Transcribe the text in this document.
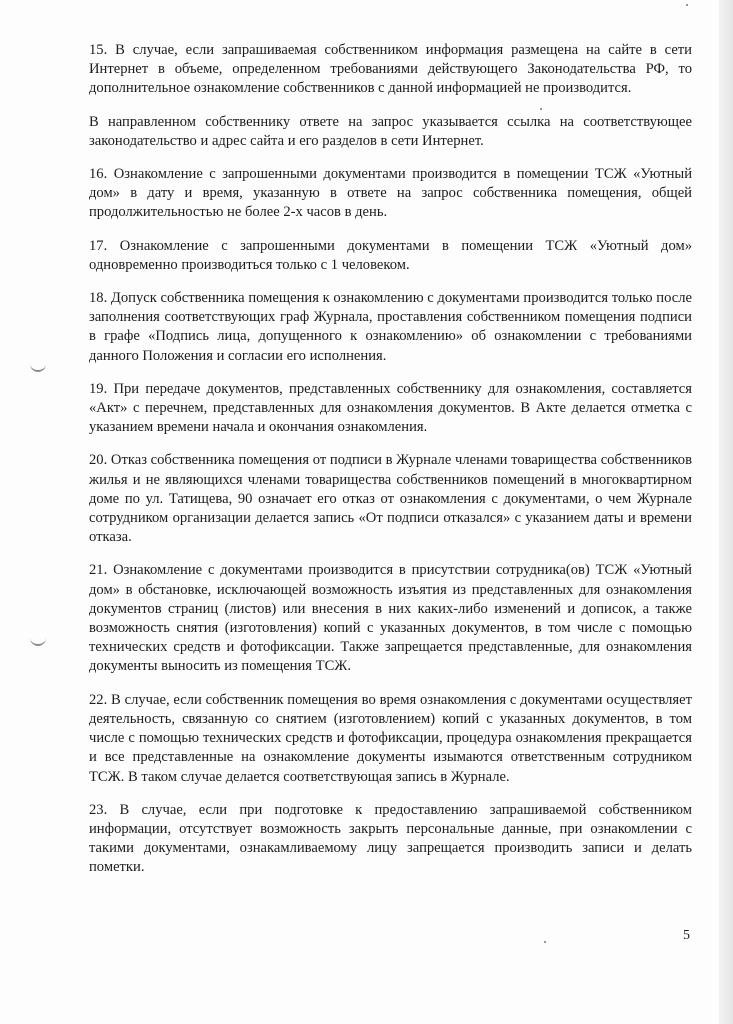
15. В случае, если запрашиваемая собственником информация размещена на сайте в сети Интернет в объеме, определенном требованиями действующего Законодательства РФ, то дополнительное ознакомление собственников с данной информацией не производится.

В направленном собственнику ответе на запрос указывается ссылка на соответствующее законодательство и адрес сайта и его разделов в сети Интернет.

16. Ознакомление с запрошенными документами производится в помещении ТСЖ «Уютный дом» в дату и время, указанную в ответе на запрос собственника помещения, общей продолжительностью не более 2-х часов в день.

17. Ознакомление с запрошенными документами в помещении ТСЖ «Уютный дом» одновременно производиться только с 1 человеком.

18. Допуск собственника помещения к ознакомлению с документами производится только после заполнения соответствующих граф Журнала, проставления собственником помещения подписи в графе «Подпись лица, допущенного к ознакомлению» об ознакомлении с требованиями данного Положения и согласии его исполнения.

19. При передаче документов, представленных собственнику для ознакомления, составляется «Акт» с перечнем, представленных для ознакомления документов. В Акте делается отметка с указанием времени начала и окончания ознакомления.

20. Отказ собственника помещения от подписи в Журнале членами товарищества собственников жилья и не являющихся членами товарищества собственников помещений в многоквартирном доме по ул. Татищева, 90 означает его отказ от ознакомления с документами, о чем Журнале сотрудником организации делается запись «От подписи отказался» с указанием даты и времени отказа.

21. Ознакомление с документами производится в присутствии сотрудника(ов) ТСЖ «Уютный дом» в обстановке, исключающей возможность изъятия из представленных для ознакомления документов страниц (листов) или внесения в них каких-либо изменений и дописок, а также возможность снятия (изготовления) копий с указанных документов, в том числе с помощью технических средств и фотофиксации. Также запрещается представленные, для ознакомления документы выносить из помещения ТСЖ.

22. В случае, если собственник помещения во время ознакомления с документами осуществляет деятельность, связанную со снятием (изготовлением) копий с указанных документов, в том числе с помощью технических средств и фотофиксации, процедура ознакомления прекращается и все представленные на ознакомление документы изымаются ответственным сотрудником ТСЖ. В таком случае делается соответствующая запись в Журнале.

23. В случае, если при подготовке к предоставлению запрашиваемой собственником информации, отсутствует возможность закрыть персональные данные, при ознакомлении с такими документами, ознакамливаемому лицу запрещается производить записи и делать пометки.

5
